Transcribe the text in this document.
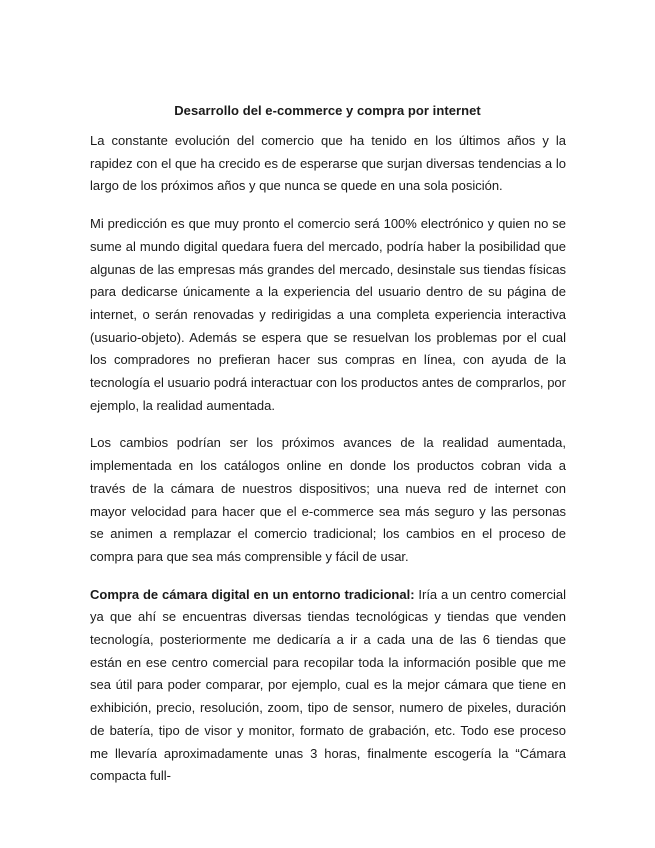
Desarrollo del e-commerce y compra por internet

La constante evolución del comercio que ha tenido en los últimos años y la rapidez con el que ha crecido es de esperarse que surjan diversas tendencias a lo largo de los próximos años y que nunca se quede en una sola posición.

Mi predicción es que muy pronto el comercio será 100% electrónico y quien no se sume al mundo digital quedara fuera del mercado, podría haber la posibilidad que algunas de las empresas más grandes del mercado, desinstale sus tiendas físicas para dedicarse únicamente a la experiencia del usuario dentro de su página de internet, o serán renovadas y redirigidas a una completa experiencia interactiva (usuario-objeto). Además se espera que se resuelvan los problemas por el cual los compradores no prefieran hacer sus compras en línea, con ayuda de la tecnología el usuario podrá interactuar con los productos antes de comprarlos, por ejemplo, la realidad aumentada.

Los cambios podrían ser los próximos avances de la realidad aumentada, implementada en los catálogos online en donde los productos cobran vida a través de la cámara de nuestros dispositivos; una nueva red de internet con mayor velocidad para hacer que el e-commerce sea más seguro y las personas se animen a remplazar el comercio tradicional; los cambios en el proceso de compra para que sea más comprensible y fácil de usar.

Compra de cámara digital en un entorno tradicional: Iría a un centro comercial ya que ahí se encuentras diversas tiendas tecnológicas y tiendas que venden tecnología, posteriormente me dedicaría a ir a cada una de las 6 tiendas que están en ese centro comercial para recopilar toda la información posible que me sea útil para poder comparar, por ejemplo, cual es la mejor cámara que tiene en exhibición, precio, resolución, zoom, tipo de sensor, numero de pixeles, duración de batería, tipo de visor y monitor, formato de grabación, etc. Todo ese proceso me llevaría aproximadamente unas 3 horas, finalmente escogería la “Cámara compacta full-
